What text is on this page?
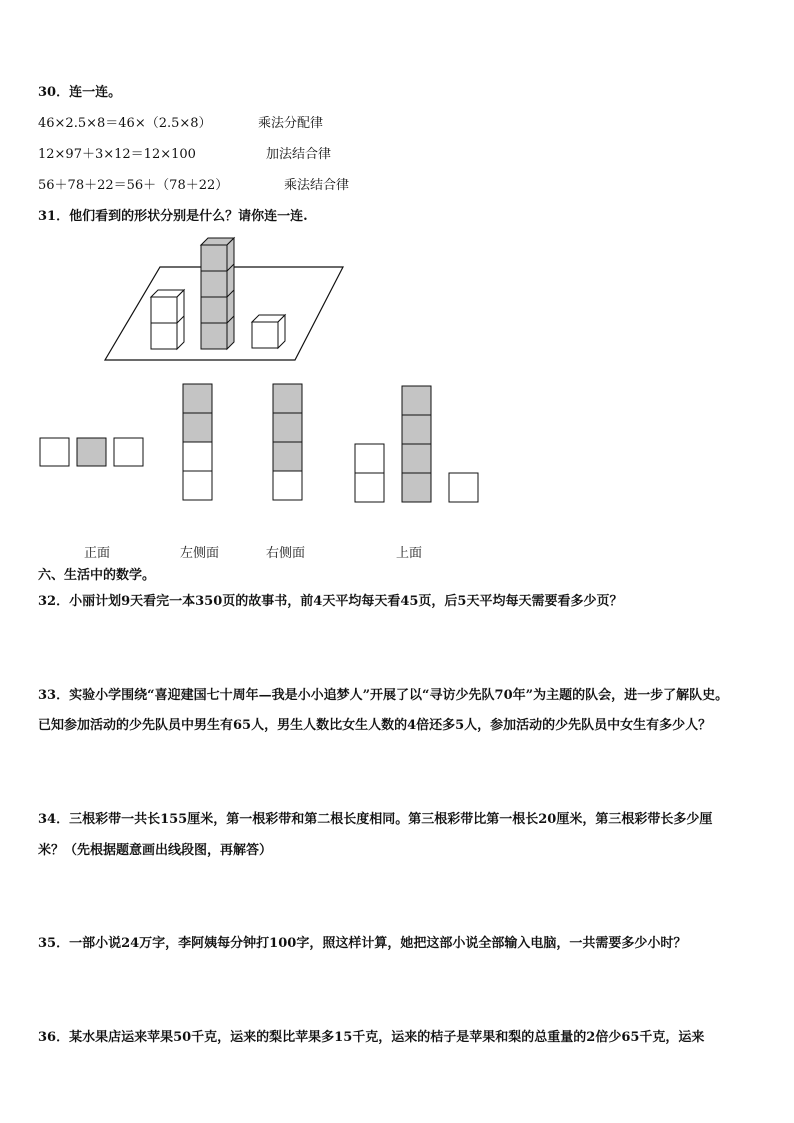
30．连一连。
46×2.5×8＝46×（2.5×8）	乘法分配律
12×97＋3×12＝12×100	加法结合律
56＋78＋22＝56＋（78＋22）	乘法结合律
31．他们看到的形状分别是什么？请你连一连.
正面	左侧面	右侧面	上面
六、生活中的数学。
32．小丽计划9天看完一本350页的故事书，前4天平均每天看45页，后5天平均每天需要看多少页？
33．实验小学围绕“喜迎建国七十周年—我是小小追梦人”开展了以“寻访少先队70年”为主题的队会，进一步了解队史。
已知参加活动的少先队员中男生有65人，男生人数比女生人数的4倍还多5人，参加活动的少先队员中女生有多少人？
34．三根彩带一共长155厘米，第一根彩带和第二根长度相同。第三根彩带比第一根长20厘米，第三根彩带长多少厘
米？（先根据题意画出线段图，再解答）
35．一部小说24万字，李阿姨每分钟打100字，照这样计算，她把这部小说全部输入电脑，一共需要多少小时？
36．某水果店运来苹果50千克，运来的梨比苹果多15千克，运来的桔子是苹果和梨的总重量的2倍少65千克，运来
